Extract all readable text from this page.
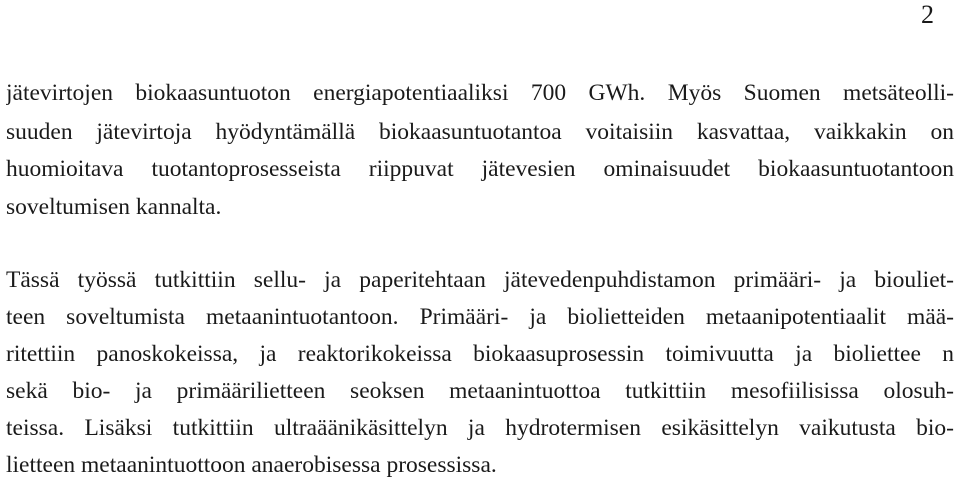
2
jätevirtojen biokaasuntuoton energiapotentiaaliksi 700 GWh. Myös Suomen metsäteolli-
suuden jätevirtoja hyödyntämällä biokaasuntuotantoa voitaisiin kasvattaa, vaikkakin on
huomioitava tuotantoprosesseista riippuvat jätevesien ominaisuudet biokaasuntuotantoon
soveltumisen kannalta.
Tässä työssä tutkittiin sellu- ja paperitehtaan jätevedenpuhdistamon primääri- ja biouliet-
teen soveltumista metaanintuotantoon. Primääri- ja biolietteiden metaanipotentiaalit mää-
ritettiin panoskokeissa, ja reaktorikokeissa biokaasuprosessin toimivuutta ja bioliettee n
sekä bio- ja primäärilietteen seoksen metaanintuottoa tutkittiin mesofiilisissa olosuh-
teissa. Lisäksi tutkittiin ultraäänikäsittelyn ja hydrotermisen esikäsittelyn vaikutusta bio-
lietteen metaanintuottoon anaerobisessa prosessissa.
